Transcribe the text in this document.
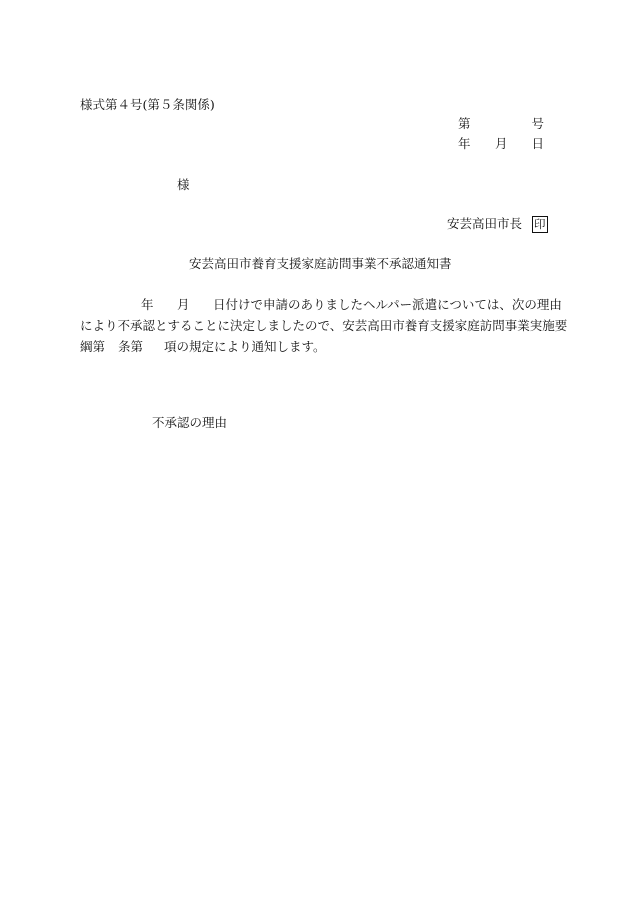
様式第４号(第５条関係)
第	号
年 月 日
様
安芸高田市長 印
安芸高田市養育支援家庭訪問事業不承認通知書
年 月 日付けで申請のありましたヘルパー派遣については、次の理由
により不承認とすることに決定しましたので、安芸高田市養育支援家庭訪問事業実施要
綱第 条第 項の規定により通知します。
不承認の理由
